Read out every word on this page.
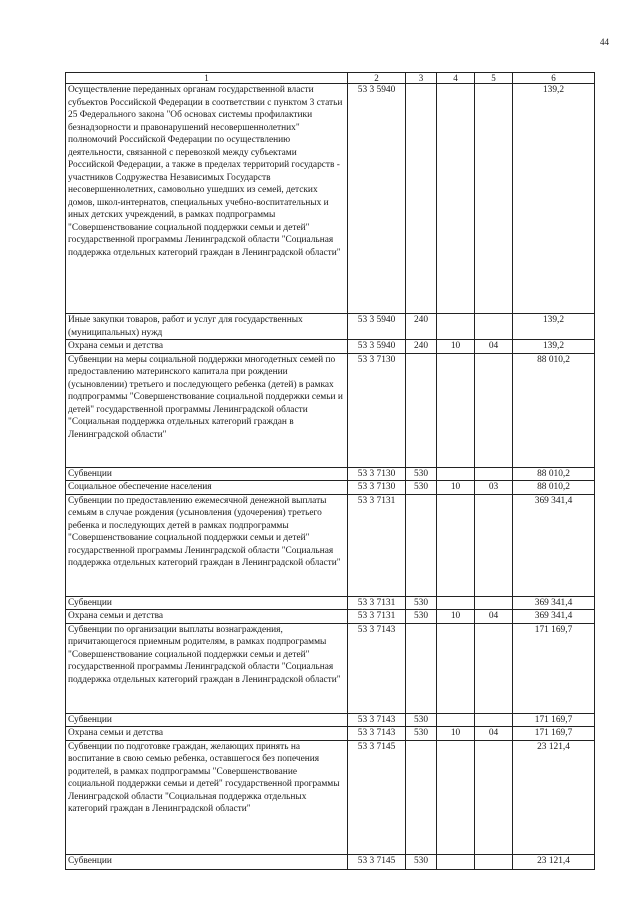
44
1	2	3	4	5	6
Осуществление переданных органам государственной власти субъектов Российской Федерации в соответствии с пунктом 3 статьи 25 Федерального закона "Об основах системы профилактики безнадзорности и правонарушений несовершеннолетних" полномочий Российской Федерации по осуществлению деятельности, связанной с перевозкой между субъектами Российской Федерации, а также в пределах территорий государств - участников Содружества Независимых Государств несовершеннолетних, самовольно ушедших из семей, детских домов, школ-интернатов, специальных учебно-воспитательных и иных детских учреждений, в рамках подпрограммы "Совершенствование социальной поддержки семьи и детей" государственной программы Ленинградской области "Социальная поддержка отдельных категорий граждан в Ленинградской области"	53 3 5940				139,2
Иные закупки товаров, работ и услуг для государственных (муниципальных) нужд	53 3 5940	240			139,2
Охрана семьи и детства	53 3 5940	240	10	04	139,2
Субвенции на меры социальной поддержки многодетных семей по предоставлению материнского капитала при рождении (усыновлении) третьего и последующего ребенка (детей) в рамках подпрограммы "Совершенствование социальной поддержки семьи и детей" государственной программы Ленинградской области "Социальная поддержка отдельных категорий граждан в Ленинградской области"	53 3 7130				88 010,2
Субвенции	53 3 7130	530			88 010,2
Социальное обеспечение населения	53 3 7130	530	10	03	88 010,2
Субвенции по предоставлению ежемесячной денежной выплаты семьям в случае рождения (усыновления (удочерения) третьего ребенка и последующих детей в рамках подпрограммы "Совершенствование социальной поддержки семьи и детей" государственной программы Ленинградской области "Социальная поддержка отдельных категорий граждан в Ленинградской области"	53 3 7131				369 341,4
Субвенции	53 3 7131	530			369 341,4
Охрана семьи и детства	53 3 7131	530	10	04	369 341,4
Субвенции по организации выплаты вознаграждения, причитающегося приемным родителям, в рамках подпрограммы "Совершенствование социальной поддержки семьи и детей" государственной программы Ленинградской области "Социальная поддержка отдельных категорий граждан в Ленинградской области"	53 3 7143				171 169,7
Субвенции	53 3 7143	530			171 169,7
Охрана семьи и детства	53 3 7143	530	10	04	171 169,7
Субвенции по подготовке граждан, желающих принять на воспитание в свою семью ребенка, оставшегося без попечения родителей, в рамках подпрограммы "Совершенствование социальной поддержки семьи и детей" государственной программы Ленинградской области "Социальная поддержка отдельных категорий граждан в Ленинградской области"	53 3 7145				23 121,4
Субвенции	53 3 7145	530			23 121,4
